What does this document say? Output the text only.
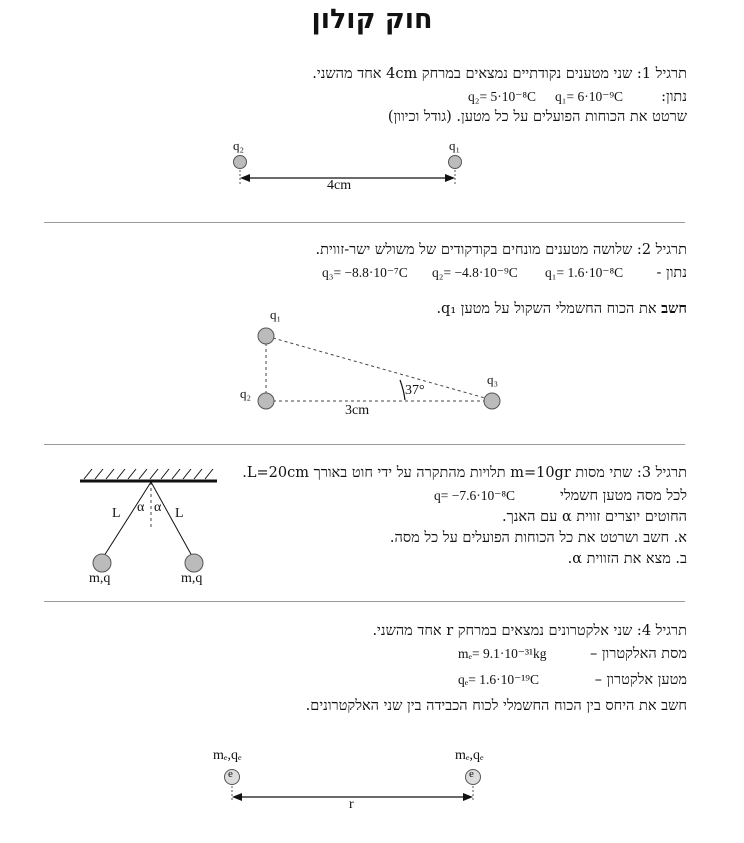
חוק קולון
תרגיל 1: שני מטענים נקודתיים נמצאים במרחק 4cm אחד מהשני.
נתון:
q₁= 6·10⁻⁹C
q₂= 5·10⁻⁸C
שרטט את הכוחות הפועלים על כל מטען. (גודל וכיוון)
q₂	q₁
4cm
תרגיל 2: שלושה מטענים מונחים בקודקודים של משולש ישר-זווית.
נתון -
q₁= 1.6·10⁻⁸C
q₂= −4.8·10⁻⁹C
q₃= −8.8·10⁻⁷C
חשב את הכוח החשמלי השקול על מטען q₁.
q₁
q₂
q₃
37°
3cm
תרגיל 3: שתי מסות m=10gr תלויות מהתקרה על ידי חוט באורך L=20cm.
לכל מסה מטען חשמלי
q= −7.6·10⁻⁸C
החוטים יוצרים זווית α עם האנך.
א. חשב ושרטט את כל הכוחות הפועלים על כל מסה.
ב. מצא את הזווית α.
L	L
α α
m,q	m,q
תרגיל 4: שני אלקטרונים נמצאים במרחק r אחד מהשני.
מסת האלקטרון –
mₑ= 9.1·10⁻³¹kg
מטען אלקטרון –
qₑ= 1.6·10⁻¹⁹C
חשב את היחס בין הכוח החשמלי לכוח הכבידה בין שני האלקטרונים.
e	e
mₑ,qₑ	mₑ,qₑ
r
